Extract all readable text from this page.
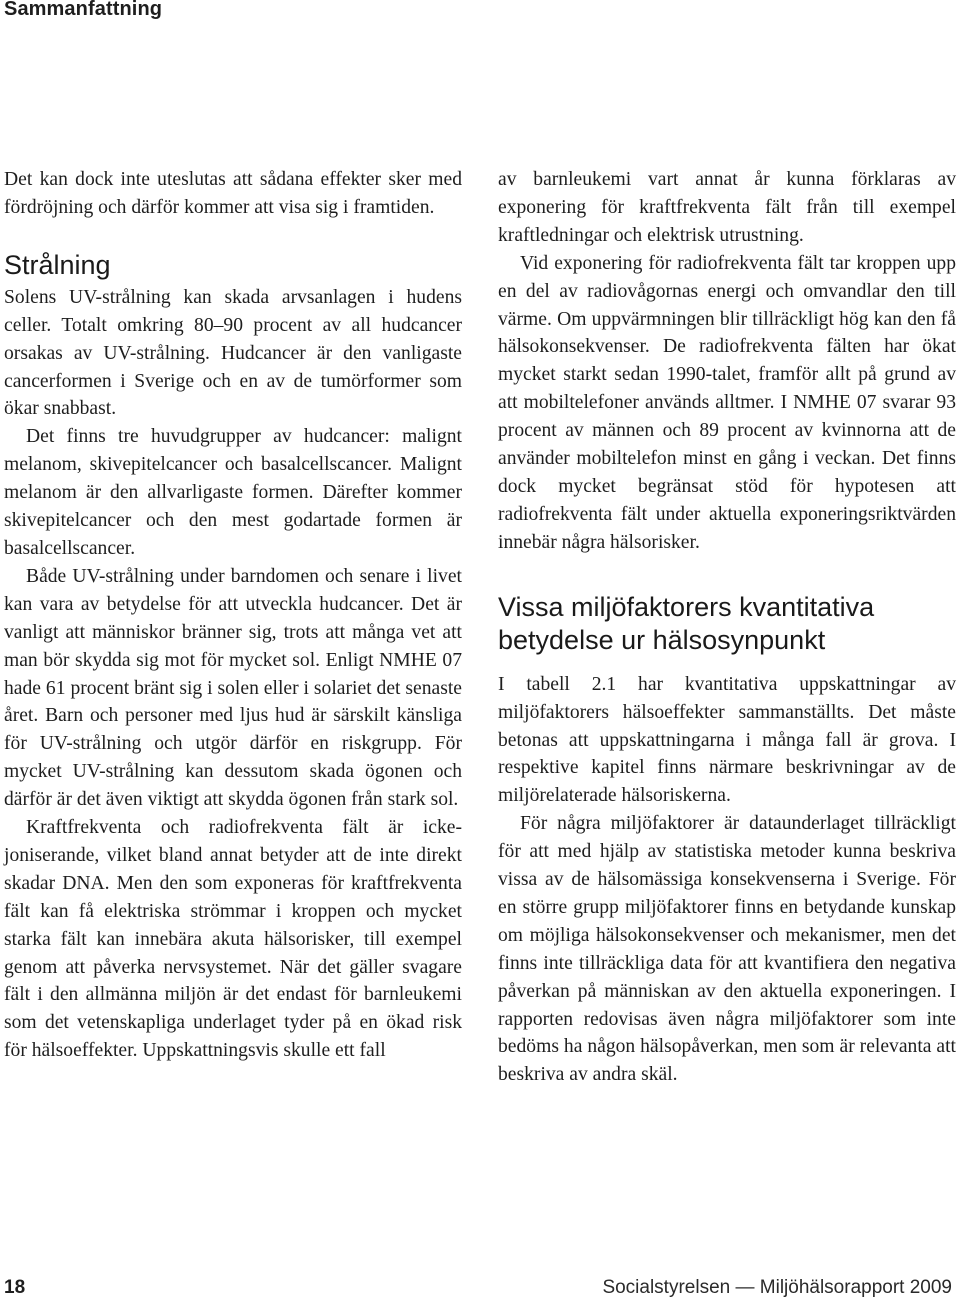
Sammanfattning

Det kan dock inte uteslutas att sådana effekter sker med fördröjning och därför kommer att visa sig i framtiden.

Strålning

Solens UV-strålning kan skada arvsanlagen i hudens celler. Totalt omkring 80–90 procent av all hudcancer orsakas av UV-strålning. Hudcancer är den vanligaste cancerformen i Sverige och en av de tumörformer som ökar snabbast.

Det finns tre huvudgrupper av hudcancer: malignt melanom, skivepitelcancer och basalcellscancer. Malignt melanom är den allvarligaste formen. Därefter kommer skivepitelcancer och den mest godartade formen är basalcellscancer.

Både UV-strålning under barndomen och senare i livet kan vara av betydelse för att utveckla hudcancer. Det är vanligt att människor bränner sig, trots att många vet att man bör skydda sig mot för mycket sol. Enligt NMHE 07 hade 61 procent bränt sig i solen eller i solariet det senaste året. Barn och personer med ljus hud är särskilt känsliga för UV-strålning och utgör därför en riskgrupp. För mycket UV-strålning kan dessutom skada ögonen och därför är det även viktigt att skydda ögonen från stark sol.

Kraftfrekventa och radiofrekventa fält är ickejoniserande, vilket bland annat betyder att de inte direkt skadar DNA. Men den som exponeras för kraftfrekventa fält kan få elektriska strömmar i kroppen och mycket starka fält kan innebära akuta hälsorisker, till exempel genom att påverka nervsystemet. När det gäller svagare fält i den allmänna miljön är det endast för barnleukemi som det vetenskapliga underlaget tyder på en ökad risk för hälsoeffekter. Uppskattningsvis skulle ett fall

av barnleukemi vart annat år kunna förklaras av exponering för kraftfrekventa fält från till exempel kraftledningar och elektrisk utrustning.

Vid exponering för radiofrekventa fält tar kroppen upp en del av radiovågornas energi och omvandlar den till värme. Om uppvärmningen blir tillräckligt hög kan den få hälsokonsekvenser. De radiofrekventa fälten har ökat mycket starkt sedan 1990-talet, framför allt på grund av att mobiltelefoner används alltmer. I NMHE 07 svarar 93 procent av männen och 89 procent av kvinnorna att de använder mobiltelefon minst en gång i veckan. Det finns dock mycket begränsat stöd för hypotesen att radiofrekventa fält under aktuella exponeringsriktvärden innebär några hälsorisker.

Vissa miljöfaktorers kvantitativa betydelse ur hälsosynpunkt

I tabell 2.1 har kvantitativa uppskattningar av miljöfaktorers hälsoeffekter sammanställts. Det måste betonas att uppskattningarna i många fall är grova. I respektive kapitel finns närmare beskrivningar av de miljörelaterade hälsoriskerna.

För några miljöfaktorer är dataunderlaget tillräckligt för att med hjälp av statistiska metoder kunna beskriva vissa av de hälsomässiga konsekvenserna i Sverige. För en större grupp miljöfaktorer finns en betydande kunskap om möjliga hälsokonsekvenser och mekanismer, men det finns inte tillräckliga data för att kvantifiera den negativa påverkan på människan av den aktuella exponeringen. I rapporten redovisas även några miljöfaktorer som inte bedöms ha någon hälsopåverkan, men som är relevanta att beskriva av andra skäl.

18	Socialstyrelsen — Miljöhälsorapport 2009
